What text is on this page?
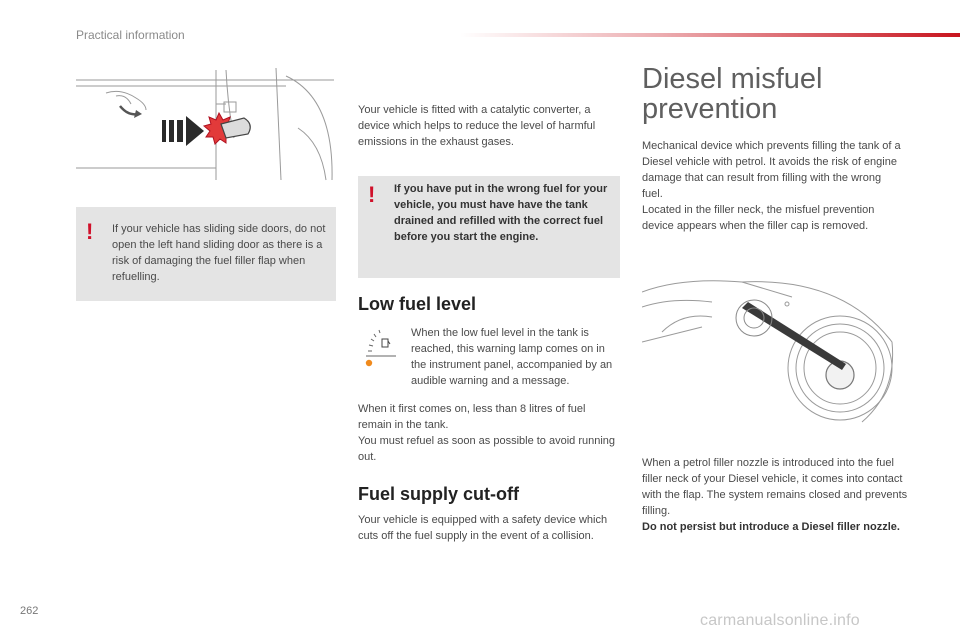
Practical information
! If your vehicle has sliding side doors, do not open the left hand sliding door as there is a risk of damaging the fuel filler flap when refuelling.

Your vehicle is fitted with a catalytic converter, a device which helps to reduce the level of harmful emissions in the exhaust gases.

! If you have put in the wrong fuel for your vehicle, you must have have the tank drained and refilled with the correct fuel before you start the engine.

Low fuel level

When the low fuel level in the tank is reached, this warning lamp comes on in the instrument panel, accompanied by an audible warning and a message.

When it first comes on, less than 8 litres of fuel remain in the tank.

You must refuel as soon as possible to avoid running out.

Fuel supply cut-off

Your vehicle is equipped with a safety device which cuts off the fuel supply in the event of a collision.

Diesel misfuel
prevention

Mechanical device which prevents filling the tank of a Diesel vehicle with petrol. It avoids the risk of engine damage that can result from filling with the wrong fuel.

Located in the filler neck, the misfuel prevention device appears when the filler cap is removed.

When a petrol filler nozzle is introduced into the fuel filler neck of your Diesel vehicle, it comes into contact with the flap. The system remains closed and prevents filling.

Do not persist but introduce a Diesel filler nozzle.

262
carmanualsonline.info
